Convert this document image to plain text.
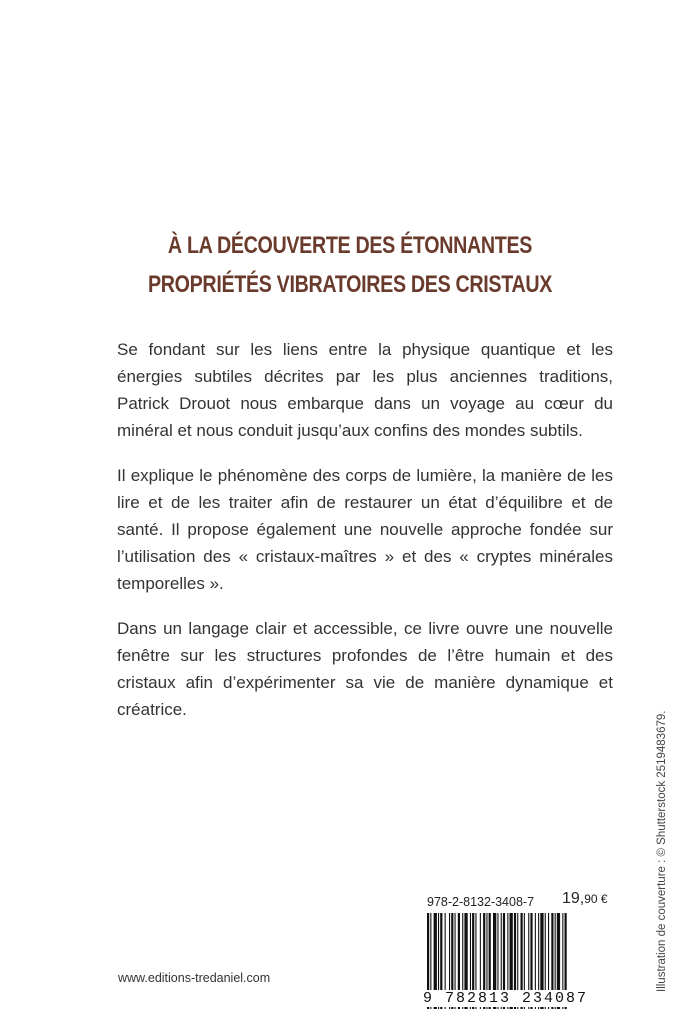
À LA DÉCOUVERTE DES ÉTONNANTES
PROPRIÉTÉS VIBRATOIRES DES CRISTAUX

Se fondant sur les liens entre la physique quantique et les énergies subtiles décrites par les plus anciennes traditions, Patrick Drouot nous embarque dans un voyage au cœur du minéral et nous conduit jusqu’aux confins des mondes subtils.

Il explique le phénomène des corps de lumière, la manière de les lire et de les traiter afin de restaurer un état d’équilibre et de santé. Il propose également une nouvelle approche fondée sur l’utilisation des « cristaux-maîtres » et des « cryptes minérales temporelles ».

Dans un langage clair et accessible, ce livre ouvre une nouvelle fenêtre sur les structures profondes de l’être humain et des cristaux afin d’expérimenter sa vie de manière dynamique et créatrice.

Illustration de couverture : © Shutterstock 2519483679.
www.editions-tredaniel.com
978-2-8132-3408-7 19,90 €
9 782813 234087
